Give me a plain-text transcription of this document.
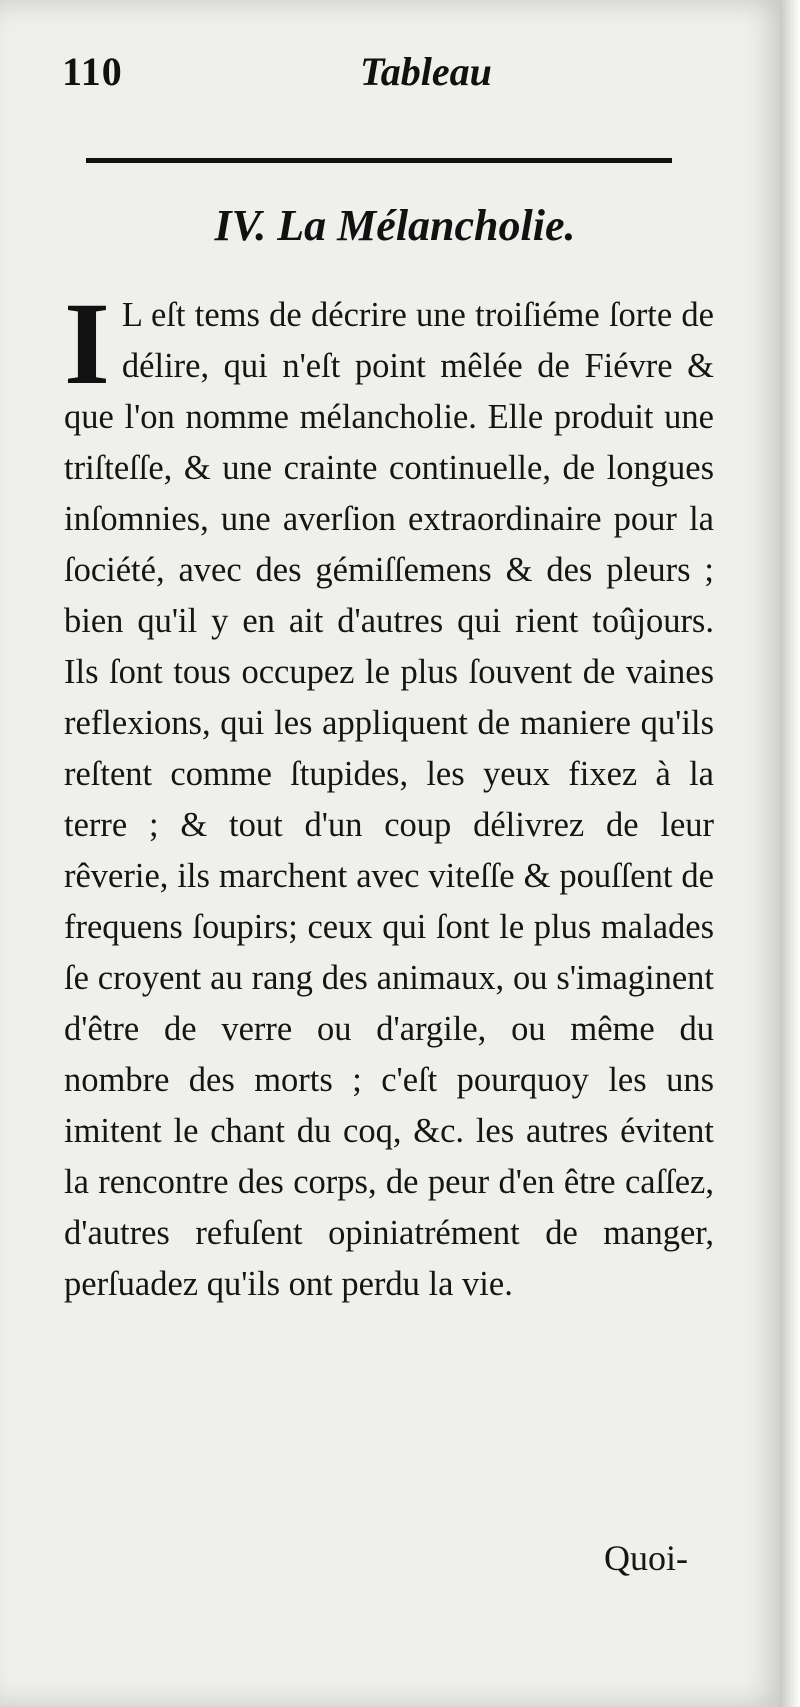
110	Tableau
IV. La Mélancholie.

I L eſt tems de décrire une troiſiéme ſorte de délire, qui n'eſt point mêlée de Fiévre & que l'on nomme mélancholie. Elle produit une triſteſſe, & une crainte continuelle, de longues inſomnies, une averſion extraordinaire pour la ſociété, avec des gémiſſemens & des pleurs ; bien qu'il y en ait d'autres qui rient toûjours. Ils ſont tous occupez le plus ſouvent de vaines reflexions, qui les appliquent de maniere qu'ils reſtent comme ſtupides, les yeux fixez à la terre ; & tout d'un coup délivrez de leur rêverie, ils marchent avec viteſſe & pouſſent de frequens ſoupirs; ceux qui ſont le plus malades ſe croyent au rang des animaux, ou s'imaginent d'être de verre ou d'argile, ou même du nombre des morts ; c'eſt pourquoy les uns imitent le chant du coq, &c. les autres évitent la rencontre des corps, de peur d'en être caſſez, d'autres refuſent opiniatrément de manger, perſuadez qu'ils ont perdu la vie.

Quoi-
